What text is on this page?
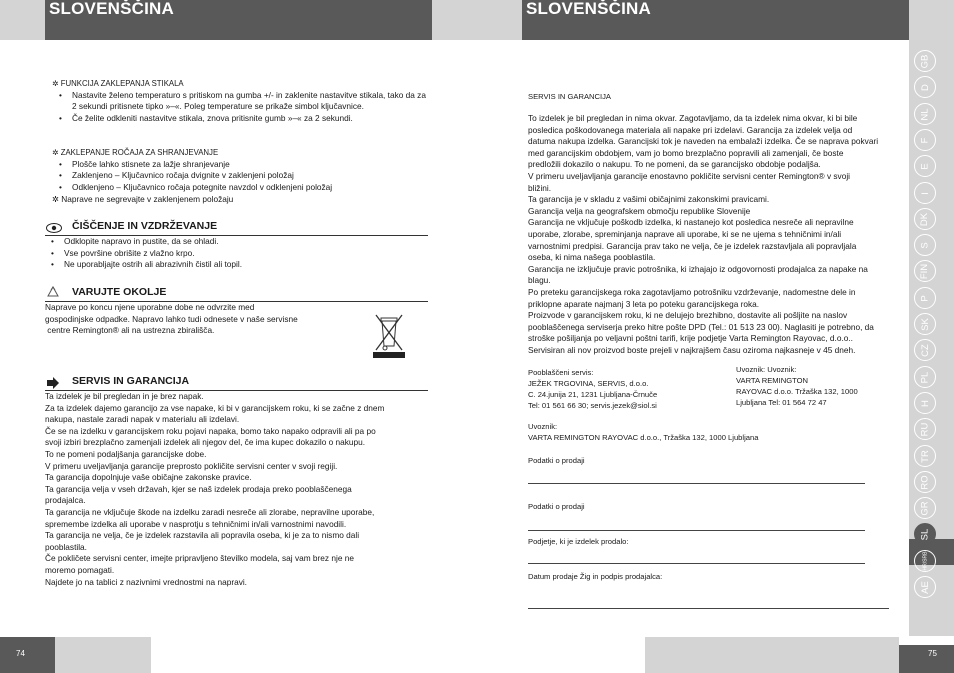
SLOVENŠČINA	SLOVENŠČINA
✲ FUNKCIJA ZAKLEPANJA STIKALA
• Nastavite želeno temperaturo s pritiskom na gumba +/- in zaklenite nastavitve stikala, tako da za 2 sekundi pritisnete tipko »–«. Poleg temperature se prikaže simbol ključavnice.
• Če želite odkleniti nastavitve stikala, znova pritisnite gumb »–« za 2 sekundi.
✲ ZAKLEPANJE ROČAJA ZA SHRANJEVANJE
• Plošče lahko stisnete za lažje shranjevanje
• Zaklenjeno – Ključavnico ročaja dvignite v zaklenjeni položaj
• Odklenjeno – Ključavnico ročaja potegnite navzdol v odklenjeni položaj
✲ Naprave ne segrevajte v zaklenjenem položaju
ČIŠČENJE IN VZDRŽEVANJE
• Odklopite napravo in pustite, da se ohladi.
• Vse površine obrišite z vlažno krpo.
• Ne uporabljajte ostrih ali abrazivnih čistil ali topil.
VARUJTE OKOLJE
Naprave po koncu njene uporabne dobe ne odvrzite med
gospodinjske odpadke. Napravo lahko tudi odnesete v naše servisne
centre Remington® ali na ustrezna zbirališča.
SERVIS IN GARANCIJA
Ta izdelek je bil pregledan in je brez napak.
Za ta izdelek dajemo garancijo za vse napake, ki bi v garancijskem roku, ki se začne z dnem
nakupa, nastale zaradi napak v materialu ali izdelavi.
Če se na izdelku v garancijskem roku pojavi napaka, bomo tako napako odpravili ali pa po
svoji izbiri brezplačno zamenjali izdelek ali njegov del, če ima kupec dokazilo o nakupu.
To ne pomeni podaljšanja garancijske dobe.
V primeru uveljavljanja garancije preprosto pokličite servisni center v svoji regiji.
Ta garancija dopolnjuje vaše običajne zakonske pravice.
Ta garancija velja v vseh državah, kjer se naš izdelek prodaja preko pooblaščenega
prodajalca.
Ta garancija ne vključuje škode na izdelku zaradi nesreče ali zlorabe, nepravilne uporabe,
spremembe izdelka ali uporabe v nasprotju s tehničnimi in/ali varnostnimi navodili.
Ta garancija ne velja, če je izdelek razstavila ali popravila oseba, ki je za to nismo dali
pooblastila.
Če pokličete servisni center, imejte pripravljeno številko modela, saj vam brez nje ne
moremo pomagati.
Najdete jo na tablici z nazivnimi vrednostmi na napravi.
SERVIS IN GARANCIJA
To izdelek je bil pregledan in nima okvar. Zagotavljamo, da ta izdelek nima okvar, ki bi bile
posledica poškodovanega materiala ali napake pri izdelavi. Garancija za izdelek velja od
datuma nakupa izdelka. Garancijski tok je naveden na embalaži izdelka. Če se naprava pokvari
med garancijskim obdobjem, vam jo bomo brezplačno popravili ali zamenjali, če boste
predložili dokazilo o nakupu. To ne pomeni, da se garancijsko obdobje podaljša.
V primeru uveljavljanja garancije enostavno pokličite servisni center Remington® v svoji
bližini.
Ta garancija je v skladu z vašimi običajnimi zakonskimi pravicami.
Garancija velja na geografskem območju republike Slovenije
Garancija ne vključuje poškodb izdelka, ki nastanejo kot posledica nesreče ali nepravilne
uporabe, zlorabe, spreminjanja naprave ali uporabe, ki se ne ujema s tehničnimi in/ali
varnostnimi predpisi. Garancija prav tako ne velja, če je izdelek razstavljala ali popravljala
oseba, ki nima našega pooblastila.
Garancija ne izključuje pravic potrošnika, ki izhajajo iz odgovornosti prodajalca za napake na
blagu.
Po preteku garancijskega roka zagotavljamo potrošniku vzdrževanje, nadomestne dele in
priklopne aparate najmanj 3 leta po poteku garancijskega roka.
Proizvode v garancijskem roku, ki ne delujejo brezhibno, dostavite ali pošljite na naslov
pooblaščenega serviserja preko hitre pošte DPD (Tel.: 01 513 23 00). Naglasiti je potrebno, da
stroške pošiljanja po veljavni poštni tarifi, krije podjetje Varta Remington Rayovac, d.o.o..
Servisiran ali nov proizvod boste prejeli v najkrajšem času oziroma najkasneje v 45 dneh.
Pooblaščeni servis:
JEŽEK TRGOVINA, SERVIS, d.o.o.
C. 24.junija 21, 1231 Ljubljana-Črnuče
Tel: 01 561 66 30; servis.jezek@siol.si
Uvoznik: Uvoznik:
VARTA REMINGTON
RAYOVAC d.o.o. Tržaška 132, 1000
Ljubljana Tel: 01 564 72 47
Uvoznik:
VARTA REMINGTON RAYOVAC d.o.o., Tržaška 132, 1000 Ljubljana
Podatki o prodaji
Podatki o prodaji
Podjetje, ki je izdelek prodalo:
Datum prodaje Žig in podpis prodajalca:
GB
D
NL
F
E
I
DK
S
FIN
P
SK
CZ
PL
H
RU
TR
RO
GR
SL
HR/SRB
AE
74	75
